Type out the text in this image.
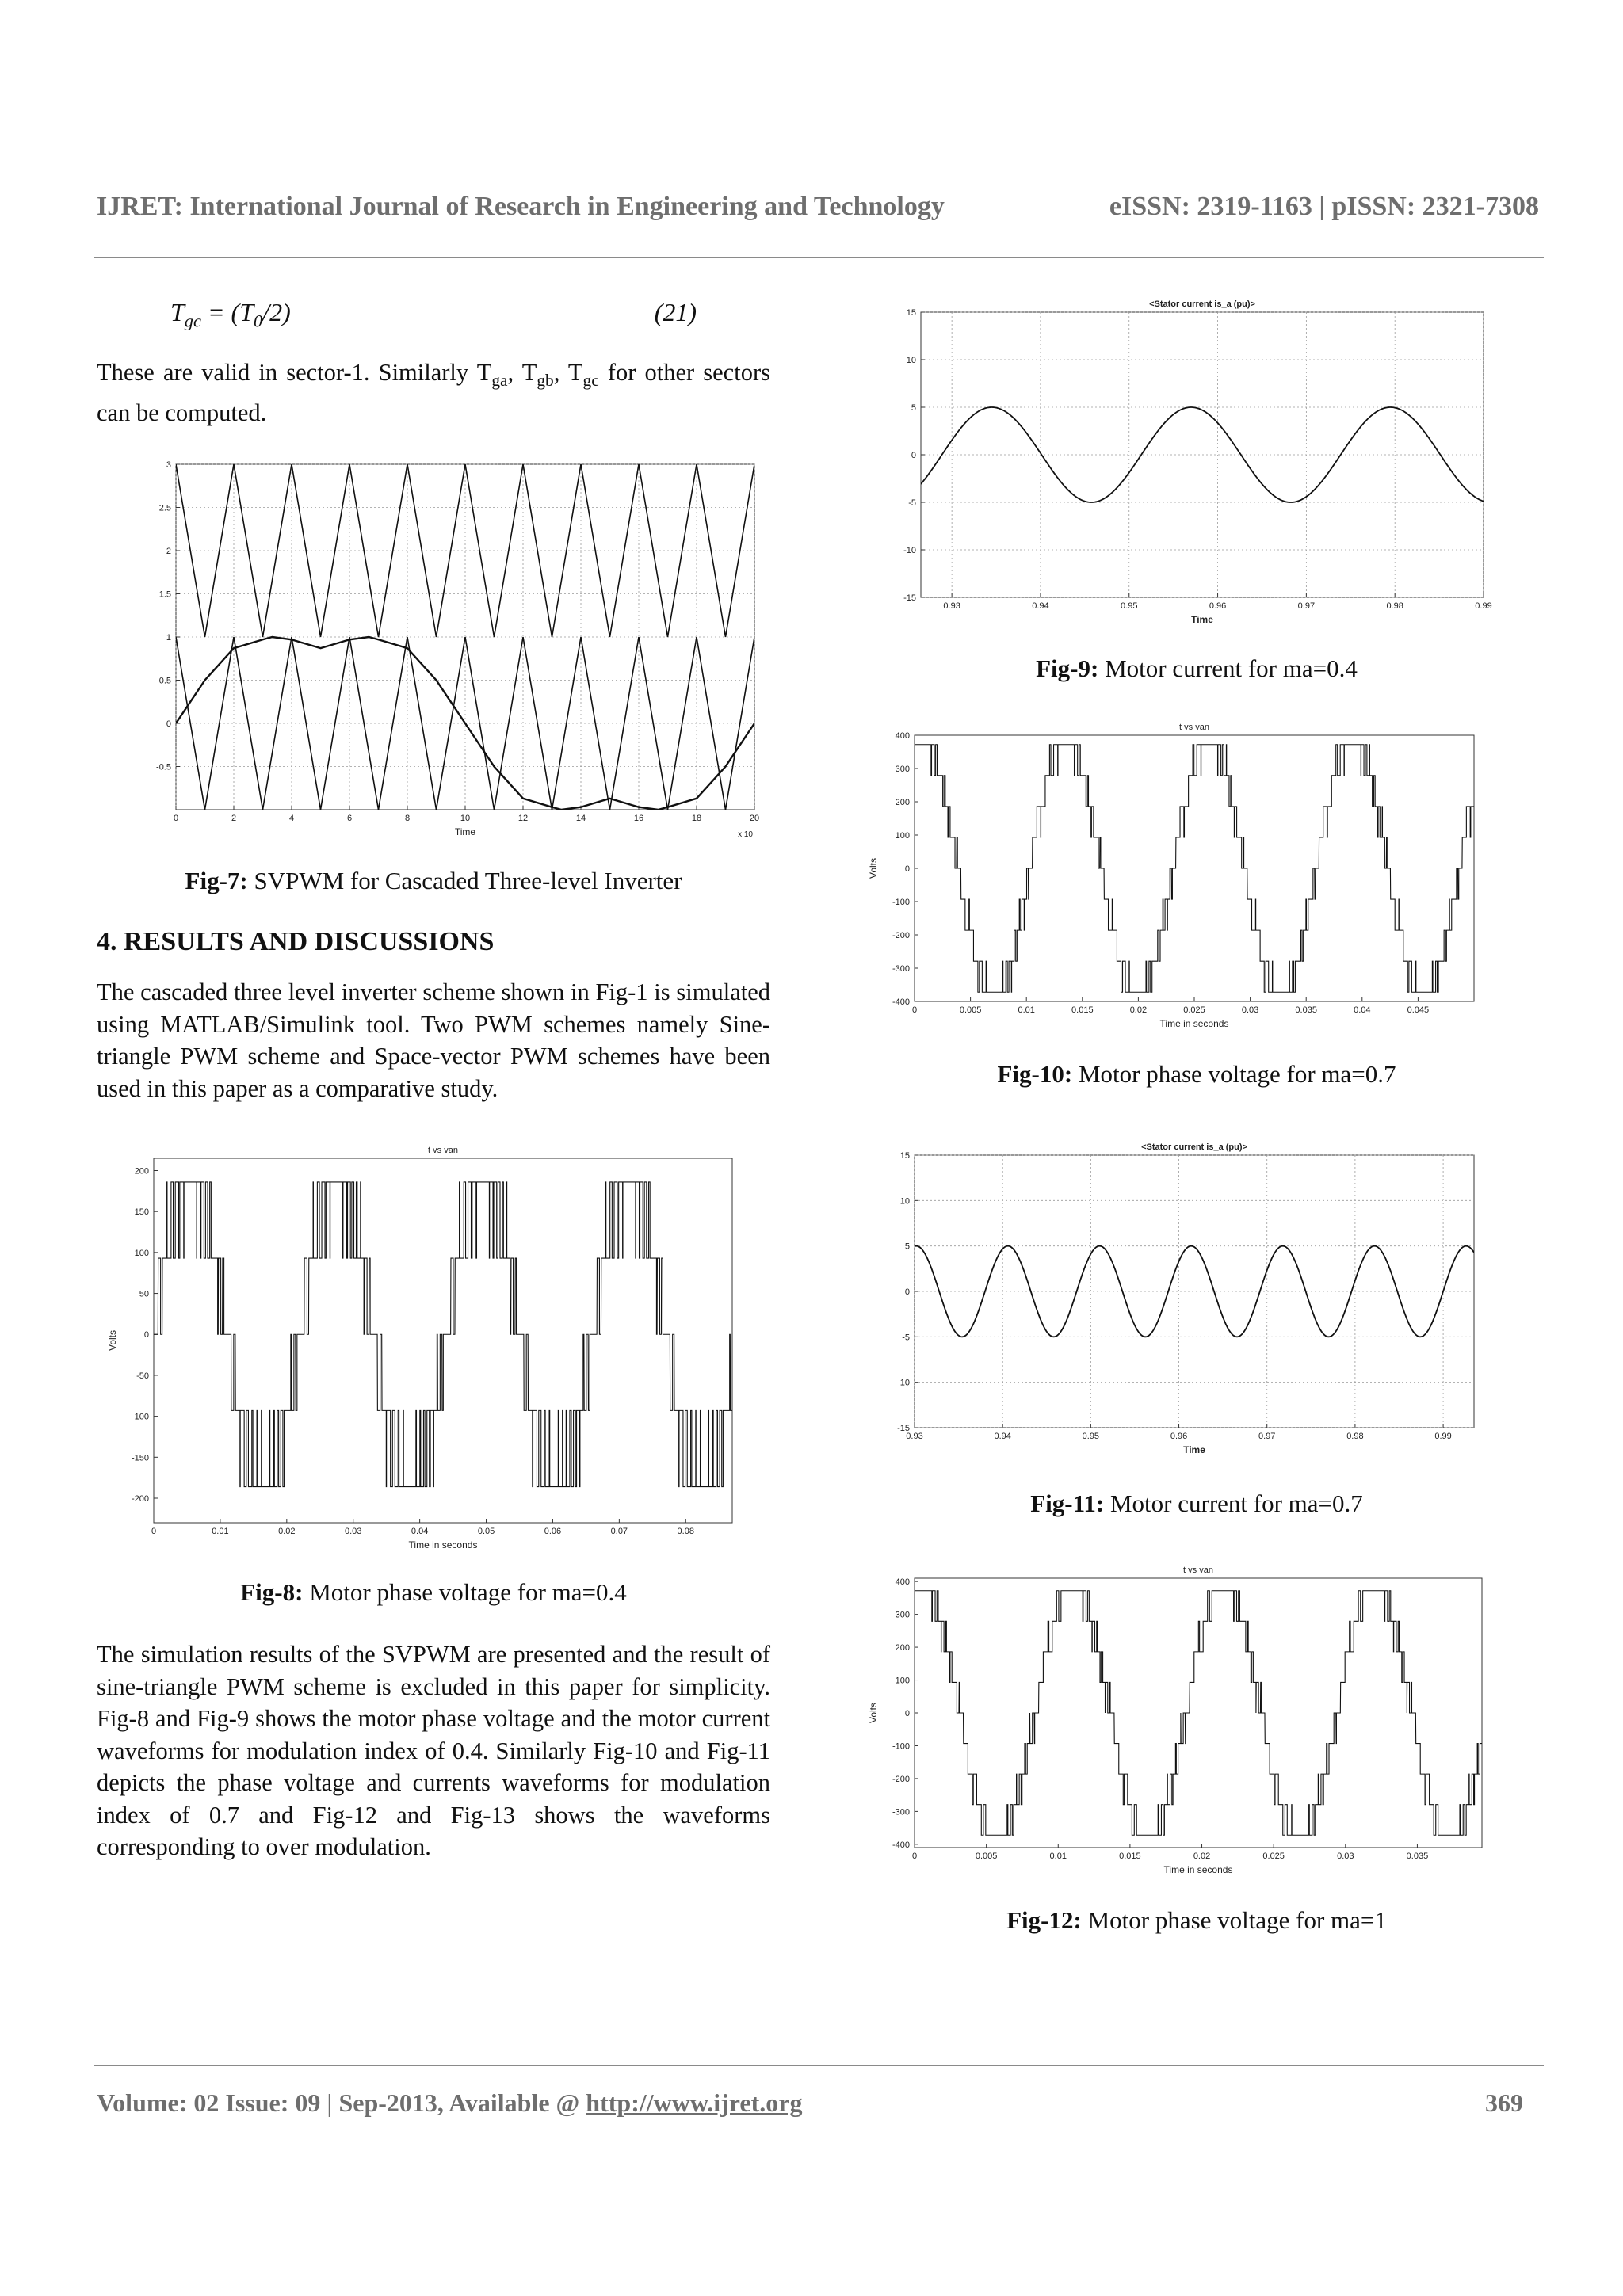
IJRET: International Journal of Research in Engineering and Technology	eISSN: 2319-1163 | pISSN: 2321-7308
$T_{gc} = (T_0/2)$	(21)
These are valid in sector-1. Similarly $T_{ga}$, $T_{gb}$, $T_{gc}$ for other sectors can be computed.
0	2	4	6	8	10	12	14	16	18	20
3
2.5
2
1.5
1
0.5
0
-0.5
Time	x 10
Fig-7: SVPWM for Cascaded Three-level Inverter
4. RESULTS AND DISCUSSIONS
The cascaded three level inverter scheme shown in Fig-1 is simulated using MATLAB/Simulink tool. Two PWM schemes namely Sine-triangle PWM scheme and Space-vector PWM schemes have been used in this paper as a comparative study.
0	0.01	0.02	0.03	0.04	0.05	0.06	0.07	0.08
200
150
100
50
0
-50
-100
-150
-200
t vs van
Time in seconds
Volts
Fig-8: Motor phase voltage for ma=0.4
The simulation results of the SVPWM are presented and the result of sine-triangle PWM scheme is excluded in this paper for simplicity. Fig-8 and Fig-9 shows the motor phase voltage and the motor current waveforms for modulation index of 0.4. Similarly Fig-10 and Fig-11 depicts the phase voltage and currents waveforms for modulation index of 0.7 and Fig-12 and Fig-13 shows the waveforms corresponding to over modulation.
0.93	0.94	0.95	0.96	0.97	0.98	0.99
15
10
5
0
-5
-10
-15
<Stator current is_a (pu)>
Time
Fig-9: Motor current for ma=0.4
0	0.005	0.01	0.015	0.02	0.025	0.03	0.035	0.04	0.045
400
300
200
100
0
-100
-200
-300
-400
t vs van
Time in seconds
Volts
Fig-10: Motor phase voltage for ma=0.7
0.93	0.94	0.95	0.96	0.97	0.98	0.99
15
10
5
0
-5
-10
-15
<Stator current is_a (pu)>
Time
Fig-11: Motor current for ma=0.7
0	0.005	0.01	0.015	0.02	0.025	0.03	0.035
400
300
200
100
0
-100
-200
-300
-400
t vs van
Time in seconds
Volts
Fig-12: Motor phase voltage for ma=1
Volume: 02 Issue: 09 | Sep-2013, Available @ http://www.ijret.org	369
